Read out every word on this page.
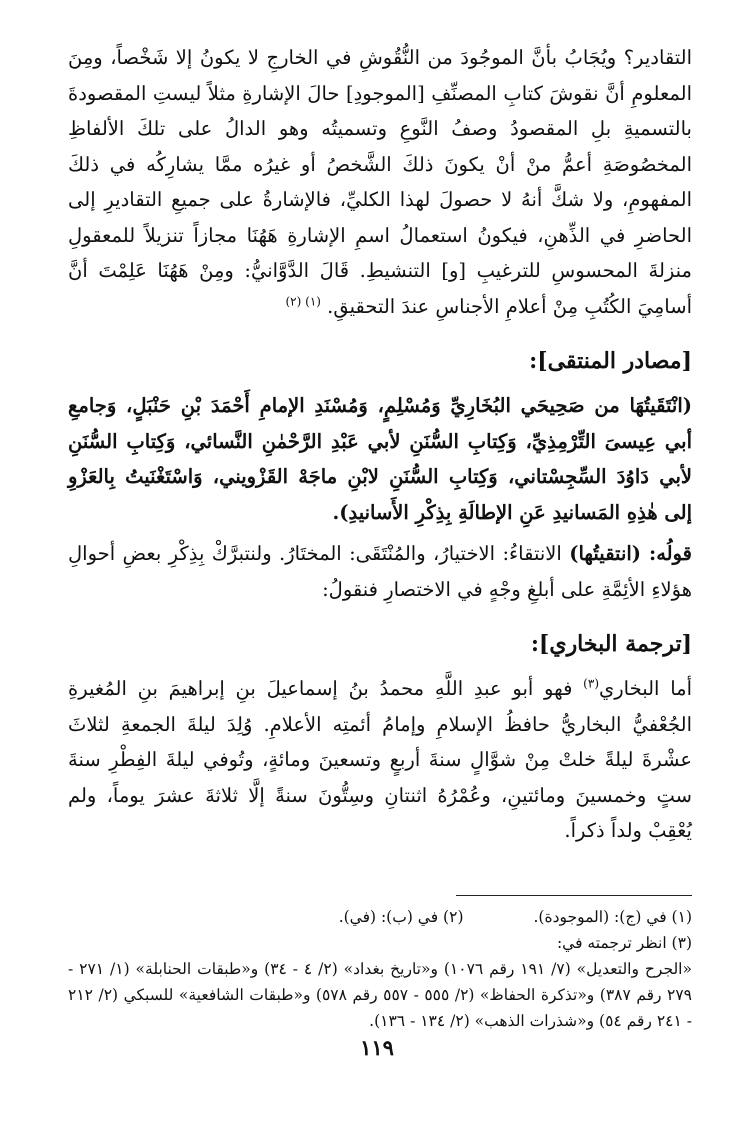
التقادير؟ ويُجَابُ بأنَّ الموجُودَ من النُّقُوشِ في الخارجِ لا يكونُ إلا شَخْصاً، ومِنَ المعلومِ أنَّ نقوشَ كتابِ المصنِّفِ [الموجودِ] حالَ الإشارةِ مثلاً ليستِ المقصودةَ بالتسميةِ بلِ المقصودُ وصفُ النَّوعِ وتسميتُه وهو الدالُ على تلكَ الألفاظِ المخصُوصَةِ أعمُّ منْ أنْ يكونَ ذلكَ الشَّخصُ أو غيرُه ممَّا يشارِكُه في ذلكَ المفهومِ، ولا شكَّ أنهُ لا حصولَ لهذا الكليِّ، فالإشارةُ على جميعِ التقاديرِ إلى الحاضرِ في الذِّهنِ، فيكونُ استعمالُ اسمِ الإشارةِ هَهُنَا مجازاً تنزيلاً للمعقولِ منزلةَ المحسوسِ للترغيبِ [و] التنشيطِ. قَالَ الدَّوَّانيُّ: ومِنْ هَهُنَا عَلِمْتَ أنَّ أسامِيَ الكُتُبِ مِنْ أعلامِ الأجناسِ عندَ التحقيقِ. $^{(١) (٢)}$

[مصادر المنتقى]:

(انْتَقَيتُهَا من صَحِيحَي البُخَارِيِّ وَمُسْلِمٍ، وَمُسْنَدِ الإمامِ أَحْمَدَ بْنِ حَنْبَلٍ، وَجامعِ أبي عِيسىَ التِّرْمِذِيِّ، وَكِتابِ السُّنَنِ لأبي عَبْدِ الرَّحْمٰنِ النَّسائي، وَكِتابِ السُّنَنِ لأبي دَاوُدَ السِّجِسْتاني، وَكِتابِ السُّنَنِ لابْنِ ماجَهْ القَزْويني، وَاسْتَغْنَيتُ بِالعَزْوِ إلى هٰذِهِ المَسانيدِ عَنِ الإطالَةِ بِذِكْرِ الأَسانيدِ).

قولُه: (انتقيتُها) الانتقاءُ: الاختيارُ، والمُنْتَقَى: المختَارُ. ولنتبرَّكْ بِذِكْرِ بعضِ أحوالِ هؤلاءِ الأئِمَّةِ على أبلغِ وجْهٍ في الاختصارِ فنقولُ:

[ترجمة البخاري]:

أما البخاري$^{(٣)}$ فهو أبو عبدِ اللَّهِ محمدُ بنُ إسماعيلَ بنِ إبراهيمَ بنِ المُغيرةِ الجُعْفيُّ البخاريُّ حافظُ الإسلامِ وإمامُ أئمتِه الأعلامِ. وُلِدَ ليلةَ الجمعةِ لثلاثَ عشْرةَ ليلةً خلتْ مِنْ شوَّالٍ سنةَ أربعٍ وتسعينَ ومائةٍ، وتُوفي ليلةَ الفِطْرِ سنةَ ستٍ وخمسينَ ومائتينِ، وعُمْرُهُ اثنتانِ وسِتُّونَ سنةً إلَّا ثلاثةَ عشرَ يوماً، ولم يُعْقِبْ ولداً ذكراً.

(١) في (ج): (الموجودة).
(٢) في (ب): (في).
(٣) انظر ترجمته في:
«الجرح والتعديل» (٧/ ١٩١ رقم ١٠٧٦) و«تاريخ بغداد» (٢/ ٤ - ٣٤) و«طبقات الحنابلة» (١/ ٢٧١ - ٢٧٩ رقم ٣٨٧) و«تذكرة الحفاظ» (٢/ ٥٥٥ - ٥٥٧ رقم ٥٧٨) و«طبقات الشافعية» للسبكي (٢/ ٢١٢ - ٢٤١ رقم ٥٤) و«شذرات الذهب» (٢/ ١٣٤ - ١٣٦).
١١٩
